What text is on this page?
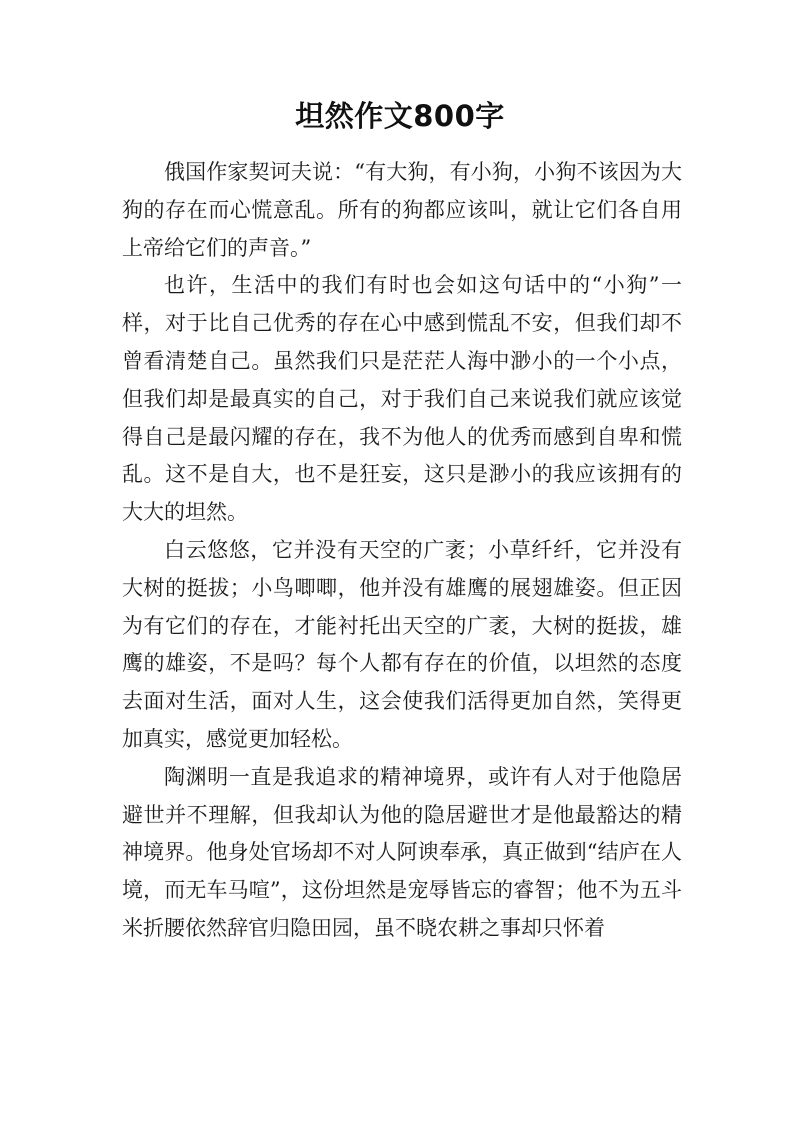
坦然作文800字

俄国作家契诃夫说：“有大狗，有小狗，小狗不该因为大狗的存在而心慌意乱。所有的狗都应该叫，就让它们各自用上帝给它们的声音。”

也许，生活中的我们有时也会如这句话中的“小狗”一样，对于比自己优秀的存在心中感到慌乱不安，但我们却不曾看清楚自己。虽然我们只是茫茫人海中渺小的一个小点，但我们却是最真实的自己，对于我们自己来说我们就应该觉得自己是最闪耀的存在，我不为他人的优秀而感到自卑和慌乱。这不是自大，也不是狂妄，这只是渺小的我应该拥有的大大的坦然。

白云悠悠，它并没有天空的广袤；小草纤纤，它并没有大树的挺拔；小鸟唧唧，他并没有雄鹰的展翅雄姿。但正因为有它们的存在，才能衬托出天空的广袤，大树的挺拔，雄鹰的雄姿，不是吗？每个人都有存在的价值，以坦然的态度去面对生活，面对人生，这会使我们活得更加自然，笑得更加真实，感觉更加轻松。

陶渊明一直是我追求的精神境界，或许有人对于他隐居避世并不理解，但我却认为他的隐居避世才是他最豁达的精神境界。他身处官场却不对人阿谀奉承，真正做到“结庐在人境，而无车马喧”，这份坦然是宠辱皆忘的睿智；他不为五斗米折腰依然辞官归隐田园，虽不晓农耕之事却只怀着
